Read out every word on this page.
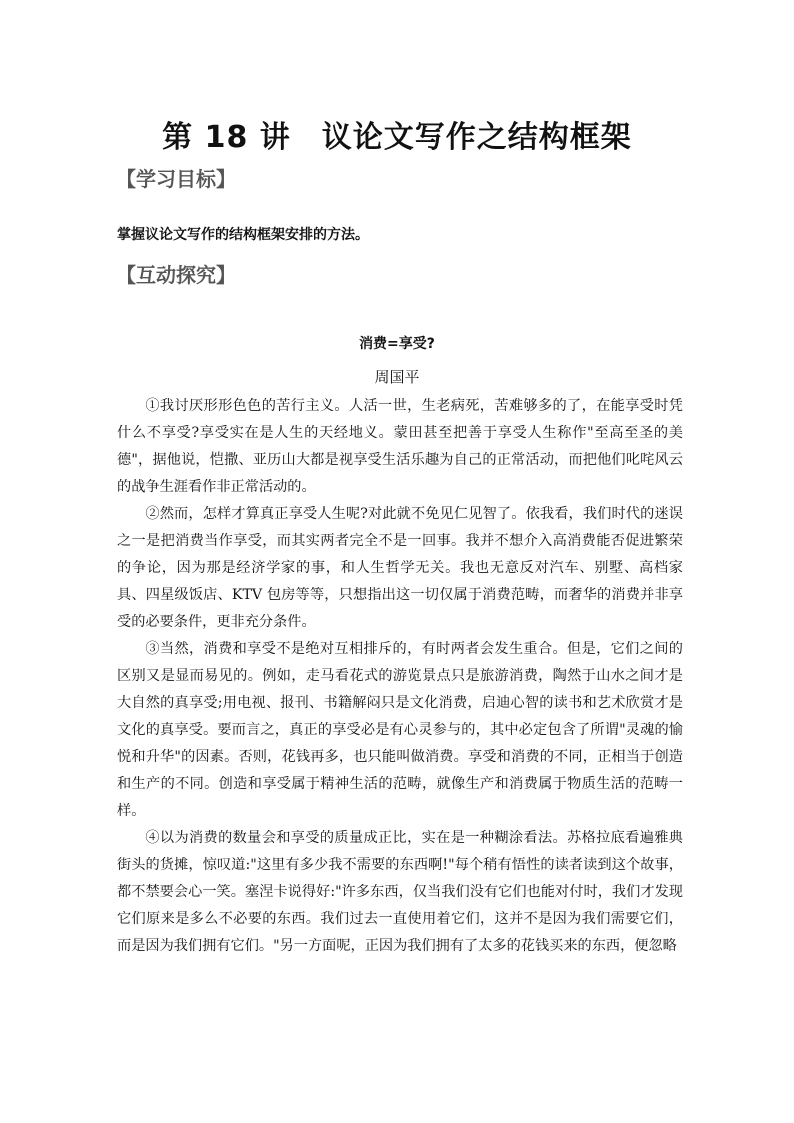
第 18 讲　议论文写作之结构框架
【学习目标】
掌握议论文写作的结构框架安排的方法。
【互动探究】
消费=享受?
周国平

①我讨厌形形色色的苦行主义。人活一世，生老病死，苦难够多的了，在能享受时凭什么不享受?享受实在是人生的天经地义。蒙田甚至把善于享受人生称作"至高至圣的美德"，据他说，恺撒、亚历山大都是视享受生活乐趣为自己的正常活动，而把他们叱咤风云的战争生涯看作非正常活动的。

②然而，怎样才算真正享受人生呢?对此就不免见仁见智了。依我看，我们时代的迷误之一是把消费当作享受，而其实两者完全不是一回事。我并不想介入高消费能否促进繁荣的争论，因为那是经济学家的事，和人生哲学无关。我也无意反对汽车、别墅、高档家具、四星级饭店、KTV 包房等等，只想指出这一切仅属于消费范畴，而奢华的消费并非享受的必要条件，更非充分条件。

③当然，消费和享受不是绝对互相排斥的，有时两者会发生重合。但是，它们之间的区别又是显而易见的。例如，走马看花式的游览景点只是旅游消费，陶然于山水之间才是大自然的真享受;用电视、报刊、书籍解闷只是文化消费，启迪心智的读书和艺术欣赏才是文化的真享受。要而言之，真正的享受必是有心灵参与的，其中必定包含了所谓"灵魂的愉悦和升华"的因素。否则，花钱再多，也只能叫做消费。享受和消费的不同，正相当于创造和生产的不同。创造和享受属于精神生活的范畴，就像生产和消费属于物质生活的范畴一样。

④以为消费的数量会和享受的质量成正比，实在是一种糊涂看法。苏格拉底看遍雅典街头的货摊，惊叹道:"这里有多少我不需要的东西啊!"每个稍有悟性的读者读到这个故事，都不禁要会心一笑。塞涅卡说得好:"许多东西，仅当我们没有它们也能对付时，我们才发现它们原来是多么不必要的东西。我们过去一直使用着它们，这并不是因为我们需要它们，而是因为我们拥有它们。"另一方面呢，正因为我们拥有了太多的花钱买来的东西，便忽略
